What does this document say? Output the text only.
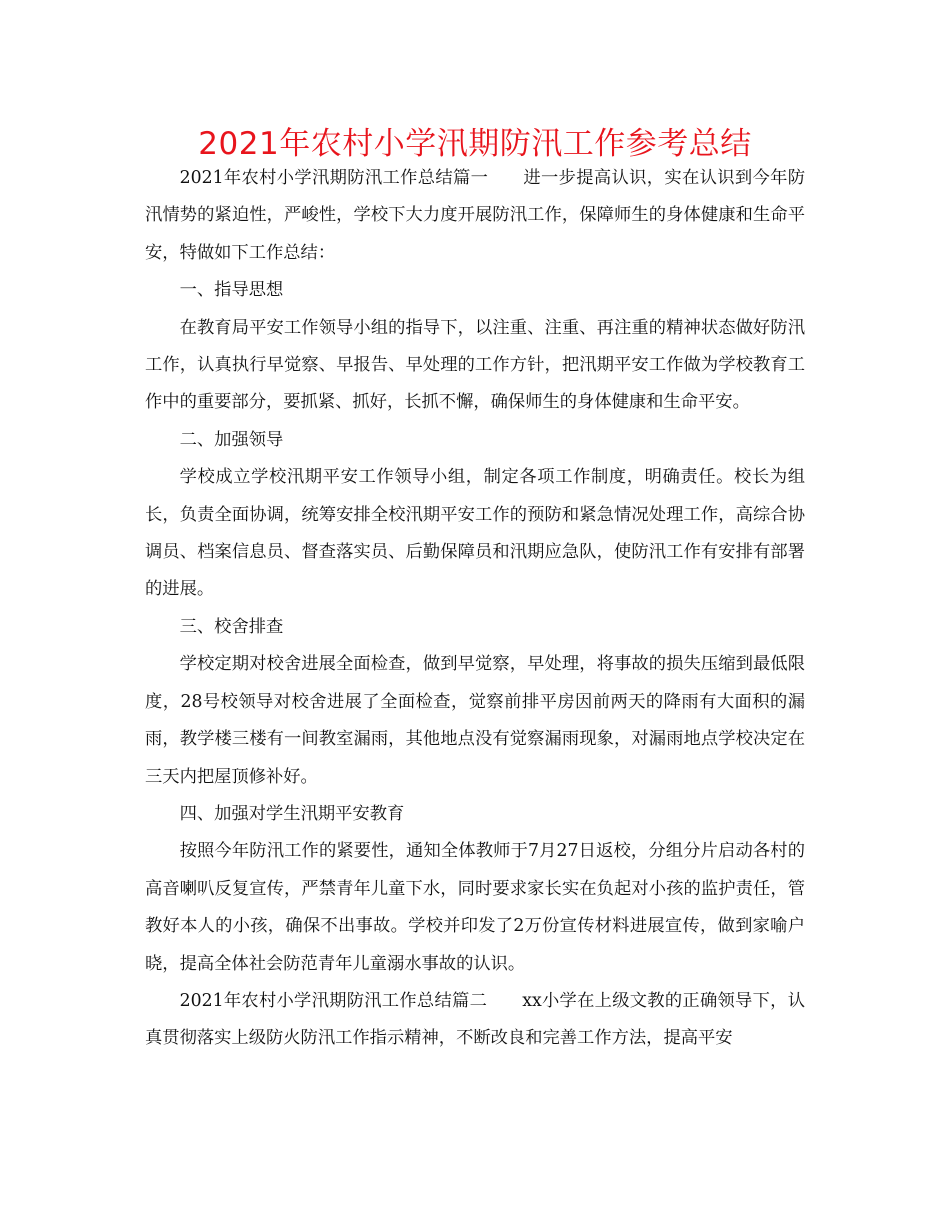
2021年农村小学汛期防汛工作参考总结

2021年农村小学汛期防汛工作总结篇一　　进一步提高认识，实在认识到今年防汛情势的紧迫性，严峻性，学校下大力度开展防汛工作，保障师生的身体健康和生命平安，特做如下工作总结：

一、指导思想

在教育局平安工作领导小组的指导下，以注重、注重、再注重的精神状态做好防汛工作，认真执行早觉察、早报告、早处理的工作方针，把汛期平安工作做为学校教育工作中的重要部分，要抓紧、抓好，长抓不懈，确保师生的身体健康和生命平安。

二、加强领导

学校成立学校汛期平安工作领导小组，制定各项工作制度，明确责任。校长为组长，负责全面协调，统筹安排全校汛期平安工作的预防和紧急情况处理工作，高综合协调员、档案信息员、督查落实员、后勤保障员和汛期应急队，使防汛工作有安排有部署的进展。

三、校舍排查

学校定期对校舍进展全面检查，做到早觉察，早处理，将事故的损失压缩到最低限度，28号校领导对校舍进展了全面检查，觉察前排平房因前两天的降雨有大面积的漏雨，教学楼三楼有一间教室漏雨，其他地点没有觉察漏雨现象，对漏雨地点学校决定在三天内把屋顶修补好。

四、加强对学生汛期平安教育

按照今年防汛工作的紧要性，通知全体教师于7月27日返校，分组分片启动各村的高音喇叭反复宣传，严禁青年儿童下水，同时要求家长实在负起对小孩的监护责任，管教好本人的小孩，确保不出事故。学校并印发了2万份宣传材料进展宣传，做到家喻户晓，提高全体社会防范青年儿童溺水事故的认识。

2021年农村小学汛期防汛工作总结篇二　　xx小学在上级文教的正确领导下，认真贯彻落实上级防火防汛工作指示精神，不断改良和完善工作方法，提高平安
